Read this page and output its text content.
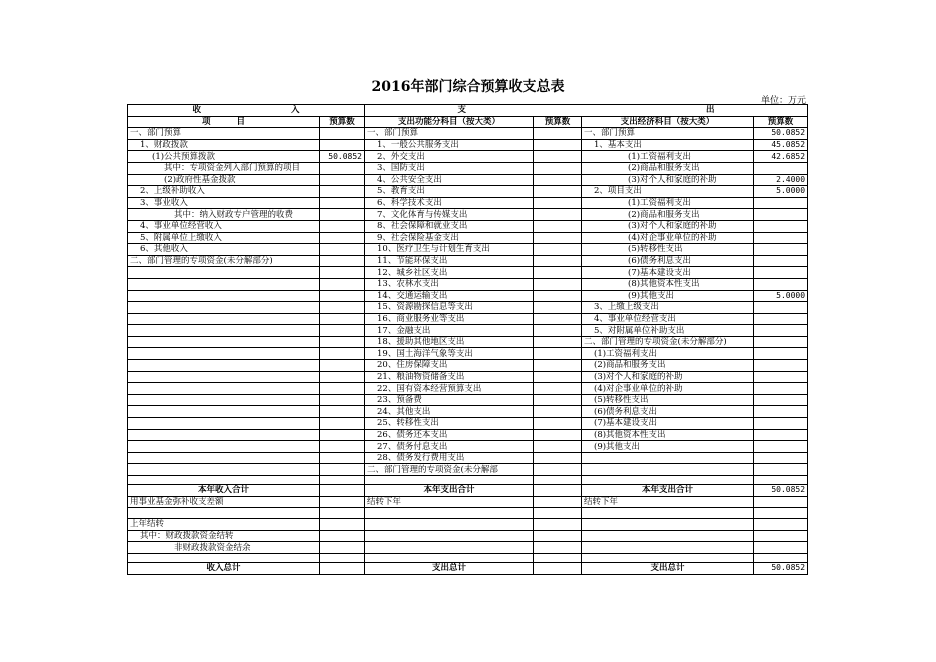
2016年部门综合预算收支总表
单位：万元
收 入		支 出			
项 目	预算数	支出功能分科目（按大类）	预算数	支出经济科目（按大类）	预算数
一、部门预算		一、部门预算		一、部门预算	50.0852
1、财政拨款		1、一般公共服务支出		1、基本支出	45.0852
(1)公共预算拨款	50.0852	2、外交支出		(1)工资福利支出	42.6852
其中：专项资金列入部门预算的项目		3、国防支出		(2)商品和服务支出	
(2)政府性基金拨款		4、公共安全支出		(3)对个人和家庭的补助	2.4000
2、上级补助收入		5、教育支出		2、项目支出	5.0000
3、事业收入		6、科学技术支出		(1)工资福利支出	
其中：纳入财政专户管理的收费		7、文化体育与传媒支出		(2)商品和服务支出	
4、事业单位经营收入		8、社会保障和就业支出		(3)对个人和家庭的补助	
5、附属单位上缴收入		9、社会保险基金支出		(4)对企事业单位的补助	
6、其他收入		10、医疗卫生与计划生育支出		(5)转移性支出	
二、部门管理的专项资金(未分解部分)		11、节能环保支出		(6)债务利息支出	
		12、城乡社区支出		(7)基本建设支出	
		13、农林水支出		(8)其他资本性支出	
		14、交通运输支出		(9)其他支出	5.0000
		15、资源勘探信息等支出		3、上缴上级支出	
		16、商业服务业等支出		4、事业单位经营支出	
		17、金融支出		5、对附属单位补助支出	
		18、援助其他地区支出		二、部门管理的专项资金(未分解部分)	
		19、国土海洋气象等支出		(1)工资福利支出	
		20、住房保障支出		(2)商品和服务支出	
		21、粮油物资储备支出		(3)对个人和家庭的补助	
		22、国有资本经营预算支出		(4)对企事业单位的补助	
		23、预备费		(5)转移性支出	
		24、其他支出		(6)债务利息支出	
		25、转移性支出		(7)基本建设支出	
		26、债务还本支出		(8)其他资本性支出	
		27、债务付息支出		(9)其他支出	
		28、债务发行费用支出			
		二、部门管理的专项资金(未分解部			

本年收入合计		本年支出合计		本年支出合计	50.0852
用事业基金弥补收支差额		结转下年		结转下年	

上年结转					
其中：财政拨款资金结转					
非财政拨款资金结余					

收入总计		支出总计		支出总计	50.0852
